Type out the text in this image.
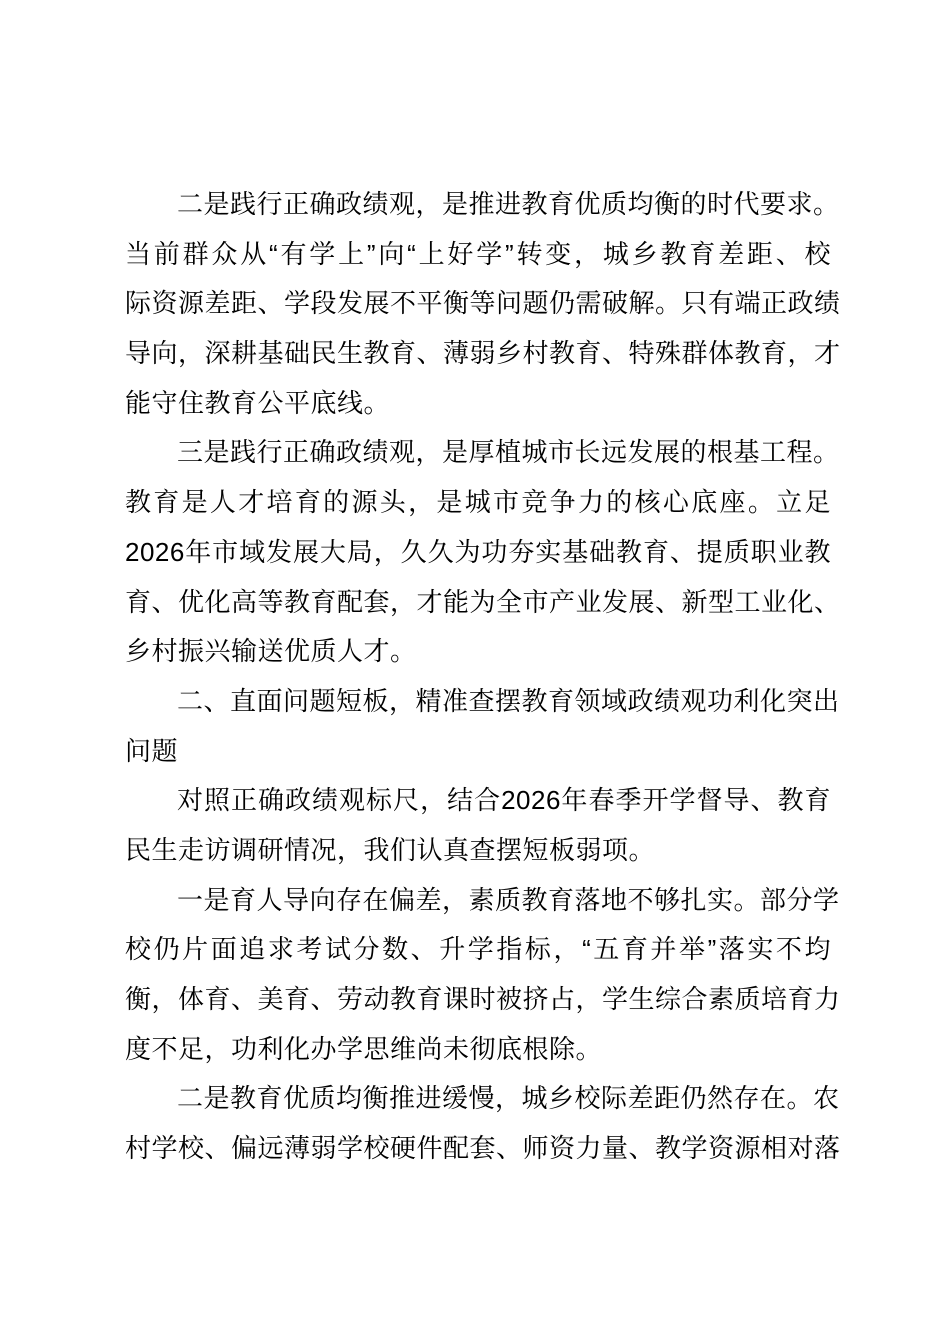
二是践行正确政绩观，是推进教育优质均衡的时代要求。
当前群众从“有学上”向“上好学”转变，城乡教育差距、校
际资源差距、学段发展不平衡等问题仍需破解。只有端正政绩
导向，深耕基础民生教育、薄弱乡村教育、特殊群体教育，才
能守住教育公平底线。
三是践行正确政绩观，是厚植城市长远发展的根基工程。
教育是人才培育的源头，是城市竞争力的核心底座。立足
2026年市域发展大局，久久为功夯实基础教育、提质职业教
育、优化高等教育配套，才能为全市产业发展、新型工业化、
乡村振兴输送优质人才。
二、直面问题短板，精准查摆教育领域政绩观功利化突出
问题
对照正确政绩观标尺，结合2026年春季开学督导、教育
民生走访调研情况，我们认真查摆短板弱项。
一是育人导向存在偏差，素质教育落地不够扎实。部分学
校仍片面追求考试分数、升学指标，“五育并举”落实不均
衡，体育、美育、劳动教育课时被挤占，学生综合素质培育力
度不足，功利化办学思维尚未彻底根除。
二是教育优质均衡推进缓慢，城乡校际差距仍然存在。农
村学校、偏远薄弱学校硬件配套、师资力量、教学资源相对落
